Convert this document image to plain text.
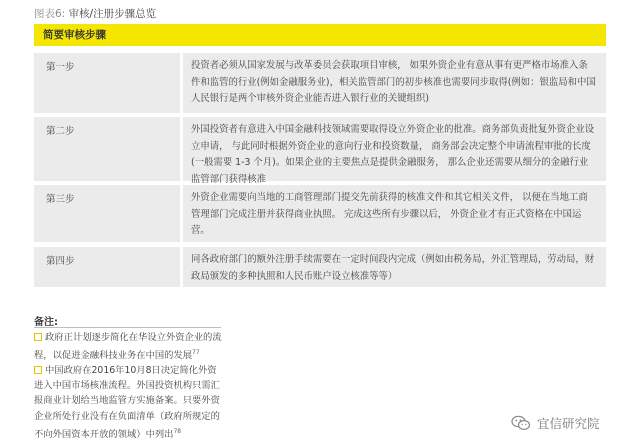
图表6: 审核/注册步骤总览
简要审核步骤
第一步	投资者必须从国家发展与改革委员会获取项目审核， 如果外资企业有意从事有更严格市场准入条件和监管的行业(例如金融服务业)，相关监管部门的初步核准也需要同步取得(例如：银监局和中国人民银行是两个审核外资企业能否进入银行业的关键组织)
第二步	外国投资者有意进入中国金融科技领域需要取得设立外资企业的批准。商务部负责批复外资企业设立申请， 与此同时根据外资企业的意向行业和投资数量， 商务部会决定整个申请流程审批的长度(一般需要 1-3 个月)。如果企业的主要焦点是提供金融服务， 那么企业还需要从细分的金融行业监管部门获得核准
第三步	外资企业需要向当地的工商管理部门提交先前获得的核准文件和其它相关文件， 以便在当地工商管理部门完成注册并获得商业执照。 完成这些所有步骤以后， 外资企业才有正式资格在中国运营。
第四步	同各政府部门的额外注册手续需要在一定时间段内完成（例如由税务局，外汇管理局，劳动局，财政局颁发的多种执照和人民币账户设立核准等等）
备注:
政府正计划逐步简化在华设立外资企业的流程，以促进金融科技业务在中国的发展$^{77}$
中国政府在2016年10月8日决定简化外资进入中国市场核准流程。外国投资机构只需汇报商业计划给当地监管方实施备案。只要外资企业所处行业没有在负面清单（政府所规定的不向外国资本开放的领域）中列出$^{78}$
宜信研究院
